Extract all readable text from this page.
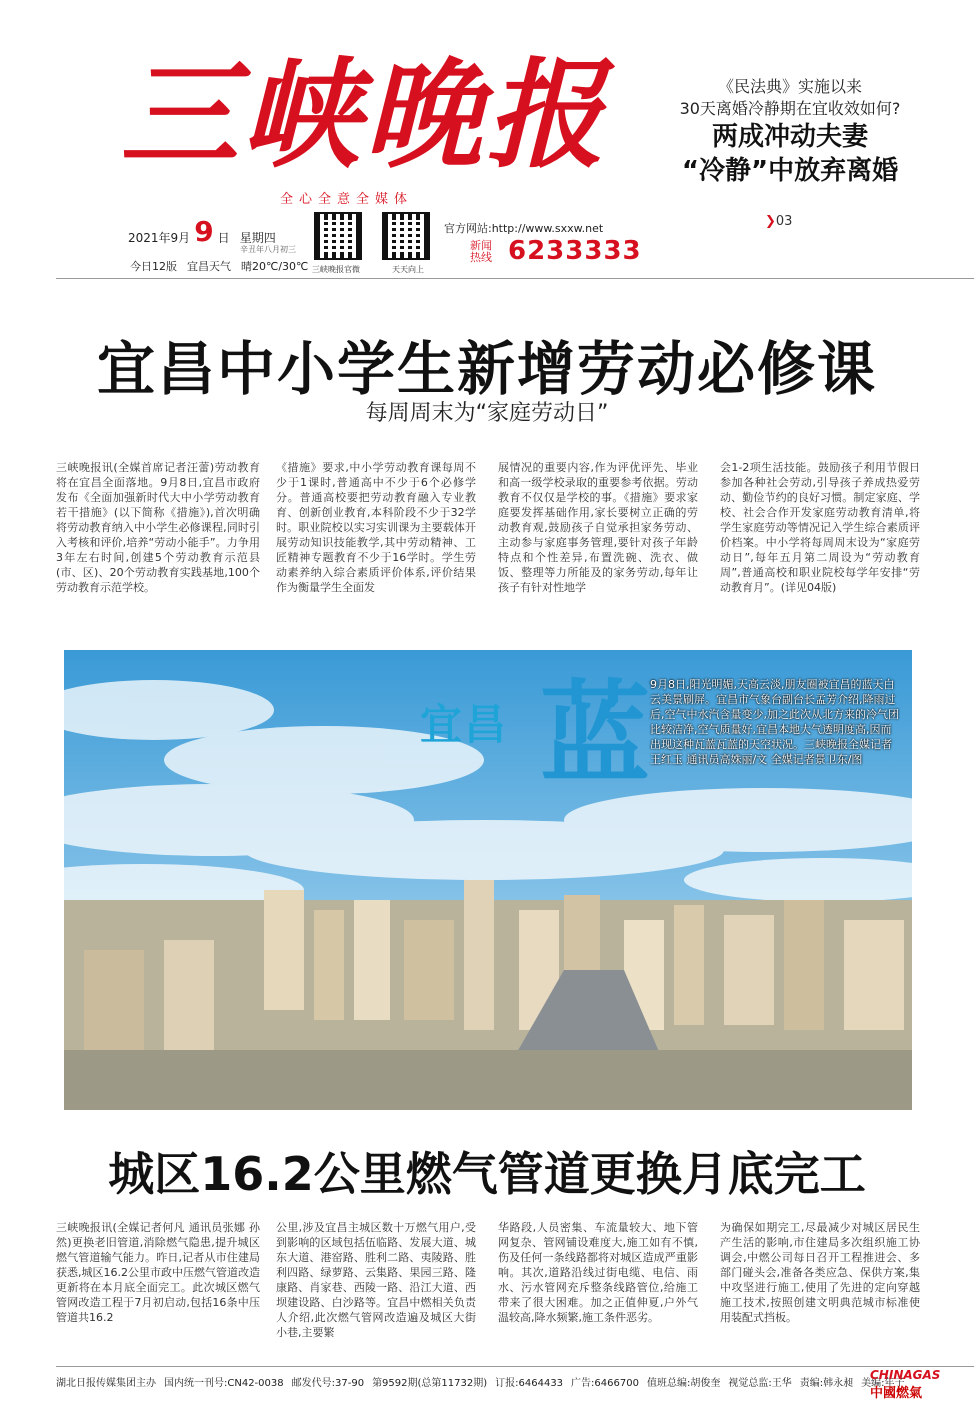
三峡晚报
全心全意全媒体
《民法典》实施以来
30天离婚冷静期在宜收效如何?
两成冲动夫妻
“冷静”中放弃离婚
❯03
2021年9月 9 日 星期四
辛丑年八月初三
今日12版 宜昌天气 晴20℃/30℃ 三峡晚报官微	天天向上
官方网站:http://www.sxxw.net
新闻热线 6233333
宜昌中小学生新增劳动必修课
每周周末为“家庭劳动日”
三峡晚报讯(全媒首席记者汪蕾)劳动教育将在宜昌全面落地。9月8日,宜昌市政府发布《全面加强新时代大中小学劳动教育若干措施》(以下简称《措施》),首次明确将劳动教育纳入中小学生必修课程,同时引入考核和评价,培养“劳动小能手”。力争用3年左右时间,创建5个劳动教育示范县(市、区)、20个劳动教育实践基地,100个劳动教育示范学校。
《措施》要求,中小学劳动教育课每周不少于1课时,普通高中不少于6个必修学分。普通高校要把劳动教育融入专业教育、创新创业教育,本科阶段不少于32学时。职业院校以实习实训课为主要载体开展劳动知识技能教学,其中劳动精神、工匠精神专题教育不少于16学时。学生劳动素养纳入综合素质评价体系,评价结果作为衡量学生全面发
展情况的重要内容,作为评优评先、毕业和高一级学校录取的重要参考依据。劳动教育不仅仅是学校的事。《措施》要求家庭要发挥基础作用,家长要树立正确的劳动教育观,鼓励孩子自觉承担家务劳动、主动参与家庭事务管理,要针对孩子年龄特点和个性差异,布置洗碗、洗衣、做饭、整理等力所能及的家务劳动,每年让孩子有针对性地学
会1-2项生活技能。鼓励孩子利用节假日参加各种社会劳动,引导孩子养成热爱劳动、勤俭节约的良好习惯。制定家庭、学校、社会合作开发家庭劳动教育清单,将学生家庭劳动等情况记入学生综合素质评价档案。中小学将每周周末设为“家庭劳动日”,每年五月第二周设为“劳动教育周”,普通高校和职业院校每学年安排“劳动教育月”。(详见04版)
宜昌 蓝 9月8日,阳光明媚,天高云淡,朋友圈被宜昌的蓝天白云美景刷屏。宜昌市气象台副台长孟芳介绍,降雨过后,空气中水汽含量变少,加之此次从北方来的冷气团比较洁净,空气质量好,宜昌本地大气透明度高,因而出现这种瓦蓝瓦蓝的天空状况。三峡晚报全媒记者王红玉 通讯员高姝丽/文 全媒记者景卫东/图
城区16.2公里燃气管道更换月底完工
三峡晚报讯(全媒记者何凡 通讯员张娜 孙然)更换老旧管道,消除燃气隐患,提升城区燃气管道输气能力。昨日,记者从市住建局获悉,城区16.2公里市政中压燃气管道改造更新将在本月底全面完工。此次城区燃气管网改造工程于7月初启动,包括16条中压管道共16.2
公里,涉及宜昌主城区数十万燃气用户,受到影响的区域包括伍临路、发展大道、城东大道、港窑路、胜利二路、夷陵路、胜利四路、绿萝路、云集路、果园三路、隆康路、肖家巷、西陵一路、沿江大道、西坝建设路、白沙路等。宜昌中燃相关负责人介绍,此次燃气管网改造遍及城区大街小巷,主要繁
华路段,人员密集、车流量较大、地下管网复杂、管网铺设难度大,施工如有不慎,伤及任何一条线路都将对城区造成严重影响。其次,道路沿线过街电缆、电信、雨水、污水管网充斥整条线路管位,给施工带来了很大困难。加之正值伸夏,户外气温较高,降水频繁,施工条件恶劣。
为确保如期完工,尽最减少对城区居民生产生活的影响,市住建局多次组织施工协调会,中燃公司每日召开工程推进会、多部门碰头会,准备各类应急、保供方案,集中攻坚进行施工,使用了先进的定向穿越施工技术,按照创建文明典范城市标准使用装配式挡板。
湖北日报传媒集团主办 国内统一刊号:CN42-0038 邮发代号:37-90 第9592期(总第11732期) 订报:6464433 广告:6466700 值班总编:胡俊奎 视觉总监:王华 责编:韩永昶 美编:年子
CHINAGAS
中國燃氣
